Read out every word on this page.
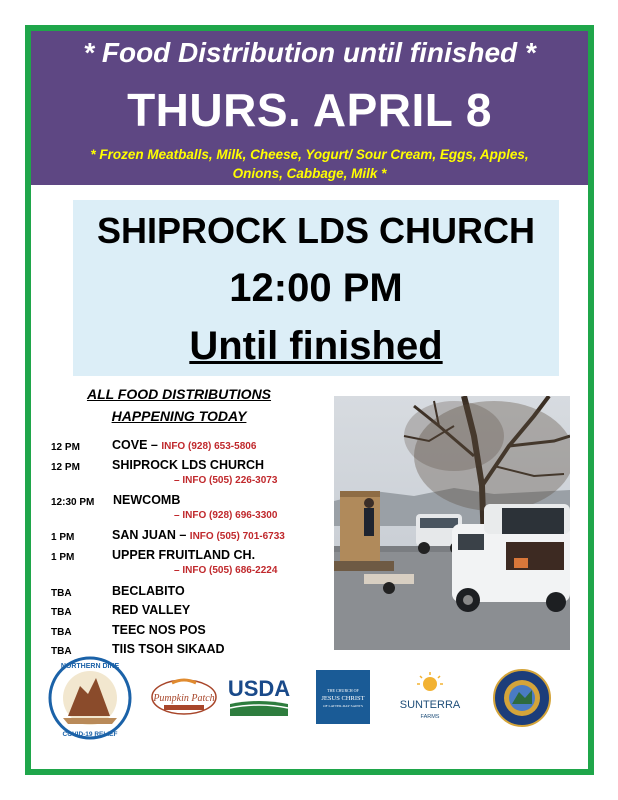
* Food Distribution until finished *
THURS. APRIL 8
* Frozen Meatballs, Milk, Cheese, Yogurt/ Sour Cream, Eggs, Apples,
Onions, Cabbage, Milk *
SHIPROCK LDS CHURCH
12:00 PM
Until finished
ALL FOOD DISTRIBUTIONS
HAPPENING TODAY
12 PM	COVE – INFO (928) 653-5806
12 PM	SHIPROCK LDS CHURCH
– INFO (505) 226-3073
12:30 PM NEWCOMB
– INFO (928) 696-3300
1 PM	SAN JUAN – INFO (505) 701-6733
1 PM	UPPER FRUITLAND CH.
– INFO (505) 686-2224
TBA	BECLABITO
TBA	RED VALLEY
TBA	TEEC NOS POS
TBA	TIIS TSOH SIKAAD
NORTHERN DINE
COVID-19 RELIEF
Pumpkin Patch USDA	THE CHURCH OF
JESUS CHRIST
OF LATTER-DAY SAINTS	SUNTERRA
FARMS
